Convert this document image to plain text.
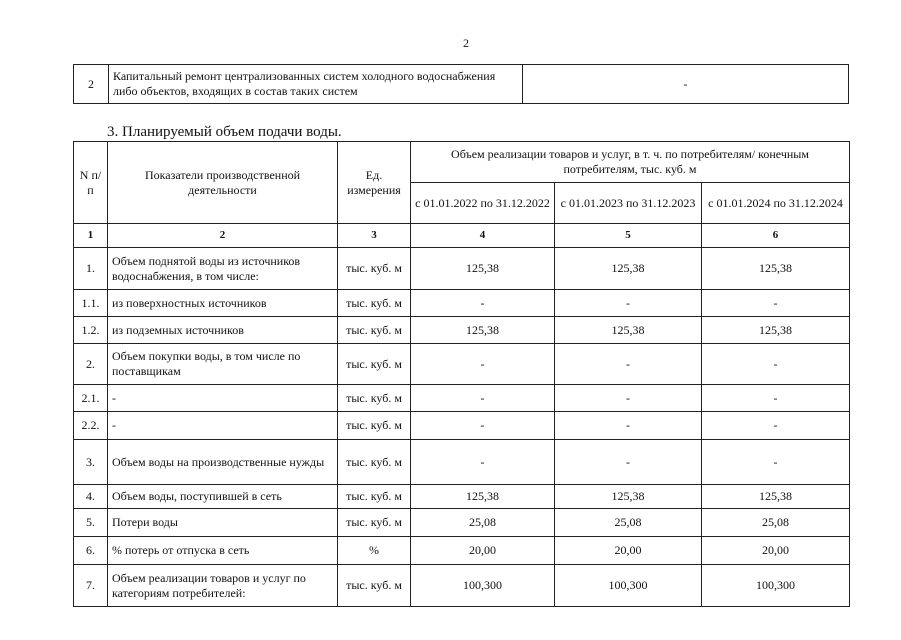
2
2	Капитальный ремонт централизованных систем холодного водоснабжения либо объектов, входящих в состав таких систем	-
3. Планируемый объем подачи воды.
N п/п	Показатели производственной деятельности	Ед. измерения	Объем реализации товаров и услуг, в т. ч. по потребителям/ конечным потребителям, тыс. куб. м		
			с 01.01.2022 по 31.12.2022	с 01.01.2023 по 31.12.2023	с 01.01.2024 по 31.12.2024
1	2	3	4	5	6
1.	Объем поднятой воды из источников водоснабжения, в том числе:	тыс. куб. м	125,38	125,38	125,38
1.1.	из поверхностных источников	тыс. куб. м	-	-	-
1.2.	из подземных источников	тыс. куб. м	125,38	125,38	125,38
2.	Объем покупки воды, в том числе по поставщикам	тыс. куб. м	-	-	-
2.1.	-	тыс. куб. м	-	-	-
2.2.	-	тыс. куб. м	-	-	-
3.	Объем воды на производственные нужды	тыс. куб. м	-	-	-
4.	Объем воды, поступившей в сеть	тыс. куб. м	125,38	125,38	125,38
5.	Потери воды	тыс. куб. м	25,08	25,08	25,08
6.	% потерь от отпуска в сеть	%	20,00	20,00	20,00
7.	Объем реализации товаров и услуг по категориям потребителей:	тыс. куб. м	100,300	100,300	100,300
